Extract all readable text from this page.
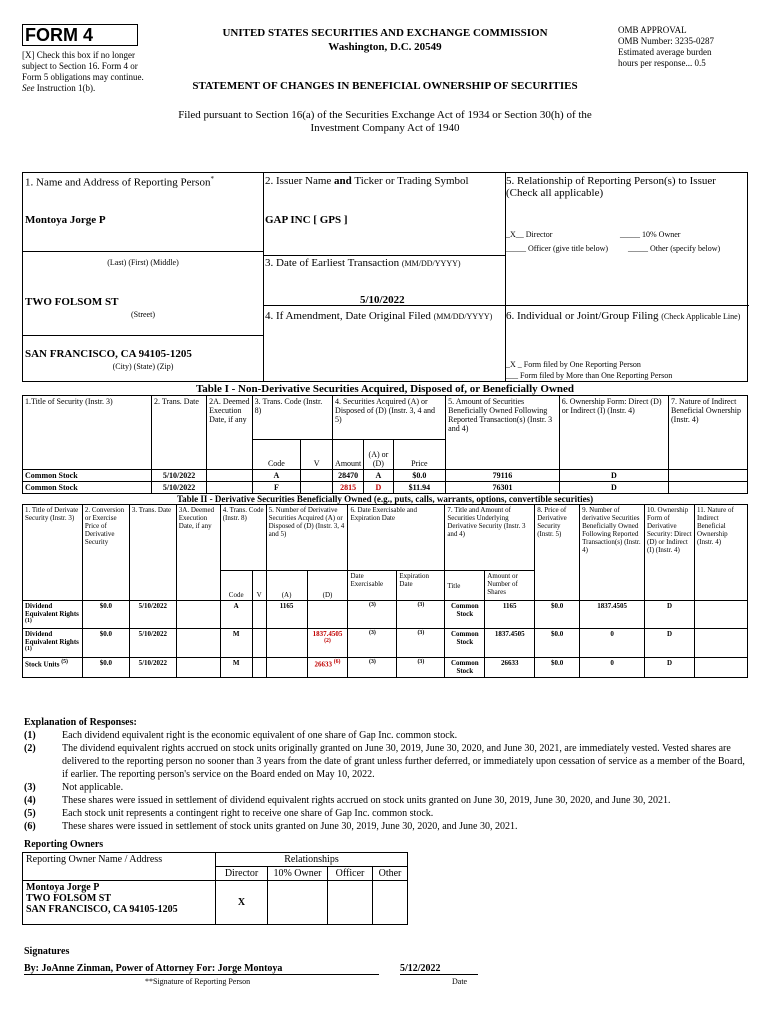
FORM 4
[X] Check this box if no longer subject to Section 16. Form 4 or Form 5 obligations may continue. See Instruction 1(b).
UNITED STATES SECURITIES AND EXCHANGE COMMISSION
Washington, D.C. 20549
OMB APPROVAL
OMB Number: 3235-0287
Estimated average burden
hours per response... 0.5
STATEMENT OF CHANGES IN BENEFICIAL OWNERSHIP OF SECURITIES
Filed pursuant to Section 16(a) of the Securities Exchange Act of 1934 or Section 30(h) of the
Investment Company Act of 1940
1. Name and Address of Reporting Person*
Montoya Jorge P
(Last) (First) (Middle)
TWO FOLSOM ST
(Street)
SAN FRANCISCO, CA 94105-1205
(City) (State) (Zip)
2. Issuer Name and Ticker or Trading Symbol
GAP INC [ GPS ]
3. Date of Earliest Transaction (MM/DD/YYYY)
5/10/2022
4. If Amendment, Date Original Filed (MM/DD/YYYY)
5. Relationship of Reporting Person(s) to Issuer
(Check all applicable)
_X__ Director	_____ 10% Owner
_____ Officer (give title below) _____ Other (specify below)
6. Individual or Joint/Group Filing (Check Applicable Line)
_X _ Form filed by One Reporting Person
___ Form filed by More than One Reporting Person
Table I - Non-Derivative Securities Acquired, Disposed of, or Beneficially Owned
1.Title of Security (Instr. 3)	2. Trans. Date	2A. Deemed Execution Date, if any	3. Trans. Code (Instr. 8)		4. Securities Acquired (A) or Disposed of (D) (Instr. 3, 4 and 5)			5. Amount of Securities Beneficially Owned Following Reported Transaction(s) (Instr. 3 and 4)	6. Ownership Form: Direct (D) or Indirect (I) (Instr. 4)	7. Nature of Indirect Beneficial Ownership (Instr. 4)
			Code	V	Amount	(A) or (D)	Price			
Common Stock	5/10/2022		A		28470	A	$0.0	79116	D	
Common Stock	5/10/2022		F		2815	D	$11.94	76301	D	
Table II - Derivative Securities Beneficially Owned (e.g., puts, calls, warrants, options, convertible securities)
1. Title of Derivate Security (Instr. 3)	2. Conversion or Exercise Price of Derivative Security	3. Trans. Date	3A. Deemed Execution Date, if any	4. Trans. Code (Instr. 8)		5. Number of Derivative Securities Acquired (A) or Disposed of (D) (Instr. 3, 4 and 5)		6. Date Exercisable and Expiration Date		7. Title and Amount of Securities Underlying Derivative Security (Instr. 3 and 4)		8. Price of Derivative Security (Instr. 5)	9. Number of derivative Securities Beneficially Owned Following Reported Transaction(s) (Instr. 4)	10. Ownership Form of Derivative Security: Direct (D) or Indirect (I) (Instr. 4)	11. Nature of Indirect Beneficial Ownership (Instr. 4)
				Code	V	(A)	(D)	Date Exercisable	Expiration Date	Title	Amount or Number of Shares				
Dividend Equivalent Rights $^{(1)}$	$0.0	5/10/2022		A		1165		$^{(3)}$	$^{(3)}$	Common Stock	1165	$0.0	1837.4505	D	
Dividend Equivalent Rights $^{(1)}$	$0.0	5/10/2022		M			1837.4505 $^{(2)}$	$^{(3)}$	$^{(3)}$	Common Stock	1837.4505	$0.0	0	D	
Stock Units $^{(5)}$	$0.0	5/10/2022		M			26633 $^{(6)}$	$^{(3)}$	$^{(3)}$	Common Stock	26633	$0.0	0	D	
Explanation of Responses:
(1)	Each dividend equivalent right is the economic equivalent of one share of Gap Inc. common stock.
(2)	The dividend equivalent rights accrued on stock units originally granted on June 30, 2019, June 30, 2020, and June 30, 2021, are immediately vested. Vested shares are delivered to the reporting person no sooner than 3 years from the date of grant unless further deferred, or immediately upon cessation of service as a member of the Board, if earlier. The reporting person's service on the Board ended on May 10, 2022.
(3)	Not applicable.
(4)	These shares were issued in settlement of dividend equivalent rights accrued on stock units granted on June 30, 2019, June 30, 2020, and June 30, 2021.
(5)	Each stock unit represents a contingent right to receive one share of Gap Inc. common stock.
(6)	These shares were issued in settlement of stock units granted on June 30, 2019, June 30, 2020, and June 30, 2021.
Reporting Owners
Reporting Owner Name / Address	Relationships			
	Director	10% Owner	Officer	Other

Montoya Jorge P
TWO FOLSOM ST
SAN FRANCISCO, CA 94105-1205	X			
Signatures
By: JoAnne Zinman, Power of Attorney For: Jorge Montoya	5/12/2022
**Signature of Reporting Person	Date
